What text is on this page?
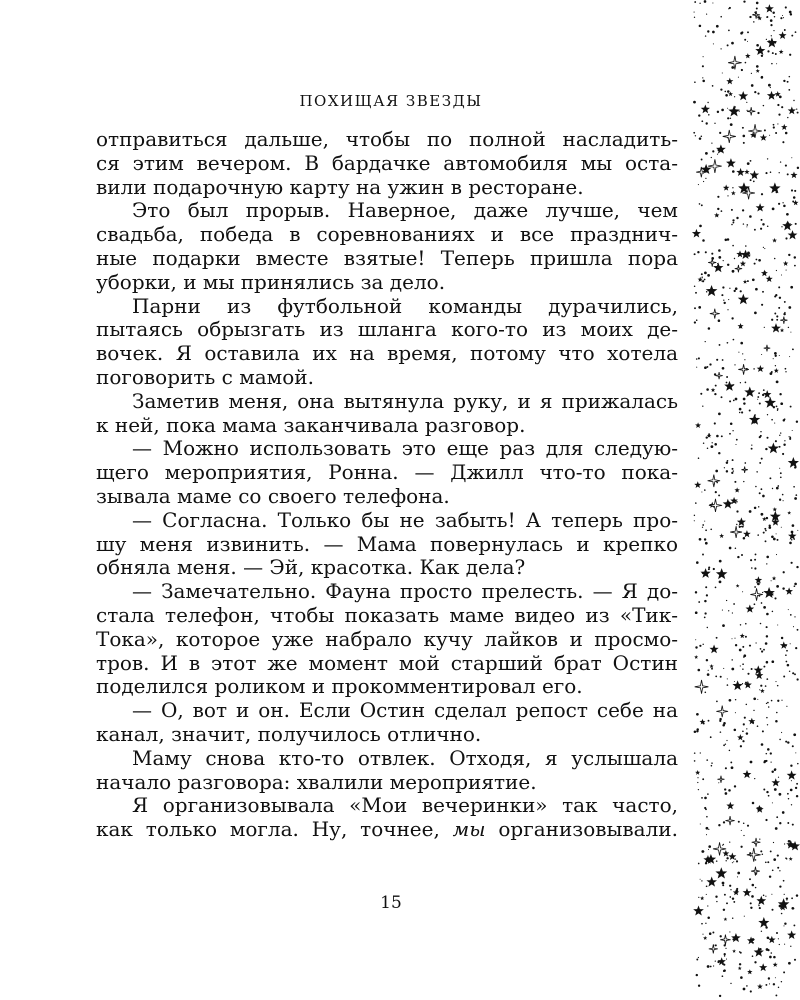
ПОХИЩАЯ ЗВЕЗДЫ
отправиться дальше, чтобы по полной насладить-
ся этим вечером. В бардачке автомобиля мы оста-
вили подарочную карту на ужин в ресторане.
Это был прорыв. Наверное, даже лучше, чем
свадьба, победа в соревнованиях и все празднич-
ные подарки вместе взятые! Теперь пришла пора
уборки, и мы принялись за дело.
Парни из футбольной команды дурачились,
пытаясь обрызгать из шланга кого-то из моих де-
вочек. Я оставила их на время, потому что хотела
поговорить с мамой.
Заметив меня, она вытянула руку, и я прижалась
к ней, пока мама заканчивала разговор.
— Можно использовать это еще раз для следую-
щего мероприятия, Ронна. — Джилл что-то пока-
зывала маме со своего телефона.
— Согласна. Только бы не забыть! А теперь про-
шу меня извинить. — Мама повернулась и крепко
обняла меня. — Эй, красотка. Как дела?
— Замечательно. Фауна просто прелесть. — Я до-
стала телефон, чтобы показать маме видео из «Тик-
Тока», которое уже набрало кучу лайков и просмо-
тров. И в этот же момент мой старший брат Остин
поделился роликом и прокомментировал его.
— О, вот и он. Если Остин сделал репост себе на
канал, значит, получилось отлично.
Маму снова кто-то отвлек. Отходя, я услышала
начало разговора: хвалили мероприятие.
Я организовывала «Мои вечеринки» так часто,
как только могла. Ну, точнее, мы организовывали.
15
